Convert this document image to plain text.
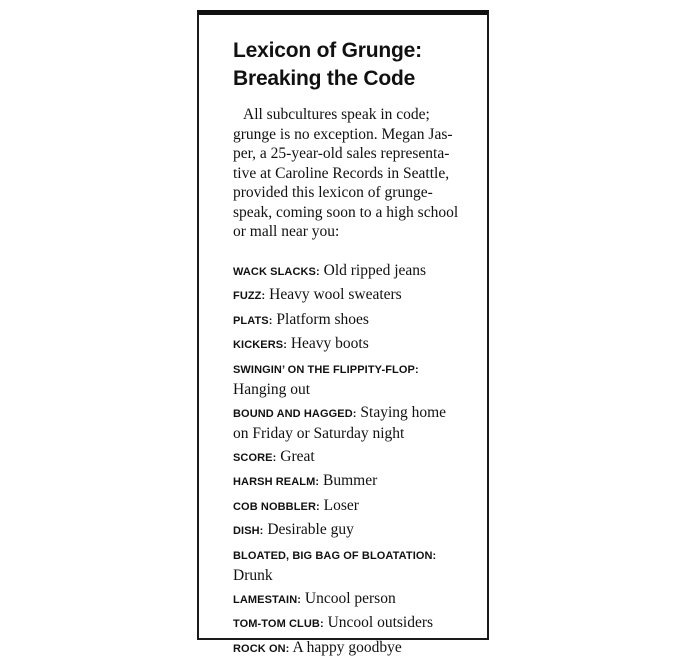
Lexicon of Grunge:
Breaking the Code

All subcultures speak in code;
grunge is no exception. Megan Jas-
per, a 25-year-old sales representa-
tive at Caroline Records in Seattle,
provided this lexicon of grunge-
speak, coming soon to a high school
or mall near you:

WACK SLACKS: Old ripped jeans
FUZZ: Heavy wool sweaters
PLATS: Platform shoes
KICKERS: Heavy boots
SWINGIN’ ON THE FLIPPITY-FLOP:
Hanging out
BOUND AND HAGGED: Staying home
on Friday or Saturday night
SCORE: Great
HARSH REALM: Bummer
COB NOBBLER: Loser
DISH: Desirable guy
BLOATED, BIG BAG OF BLOATATION:
Drunk
LAMESTAIN: Uncool person
TOM-TOM CLUB: Uncool outsiders
ROCK ON: A happy goodbye
